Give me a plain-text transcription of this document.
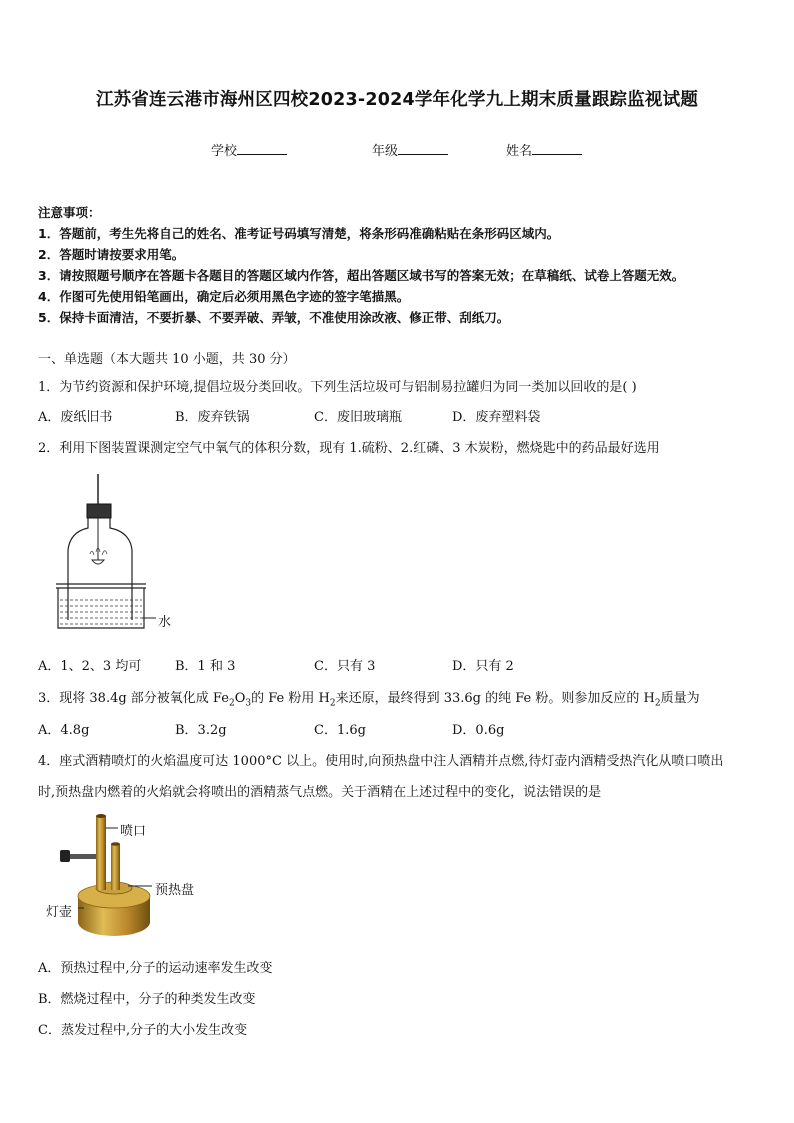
江苏省连云港市海州区四校2023-2024学年化学九上期末质量跟踪监视试题
学校	年级	姓名
注意事项：
1．答题前，考生先将自己的姓名、准考证号码填写清楚，将条形码准确粘贴在条形码区域内。
2．答题时请按要求用笔。
3．请按照题号顺序在答题卡各题目的答题区域内作答，超出答题区域书写的答案无效；在草稿纸、试卷上答题无效。
4．作图可先使用铅笔画出，确定后必须用黑色字迹的签字笔描黑。
5．保持卡面清洁，不要折暴、不要弄破、弄皱，不准使用涂改液、修正带、刮纸刀。
一、单选题（本大题共 10 小题，共 30 分）
1．为节约资源和保护环境,提倡垃圾分类回收。下列生活垃圾可与铝制易拉罐归为同一类加以回收的是( )
A．废纸旧书	B．废弃铁锅	C．废旧玻璃瓶	D．废弃塑料袋
2．利用下图装置课测定空气中氧气的体积分数，现有 1.硫粉、2.红磷、3 木炭粉，燃烧匙中的药品最好选用
水
A．1、2、3 均可	B．1 和 3	C．只有 3	D．只有 2
3．现将 38.4g 部分被氧化成 $Fe_2O_3$的 Fe 粉用 $H_2$来还原，最终得到 33.6g 的纯 Fe 粉。则参加反应的 $H_2$质量为
A．4.8g	B．3.2g	C．1.6g	D．0.6g
4．座式酒精喷灯的火焰温度可达 1000°C 以上。使用时,向预热盘中注人酒精并点燃,待灯壶内酒精受热汽化从喷口喷出
时,预热盘内燃着的火焰就会将喷出的酒精蒸气点燃。关于酒精在上述过程中的变化，说法错误的是
喷口
预热盘
灯壶
A．预热过程中,分子的运动速率发生改变
B．燃烧过程中，分子的种类发生改变
C．蒸发过程中,分子的大小发生改变
